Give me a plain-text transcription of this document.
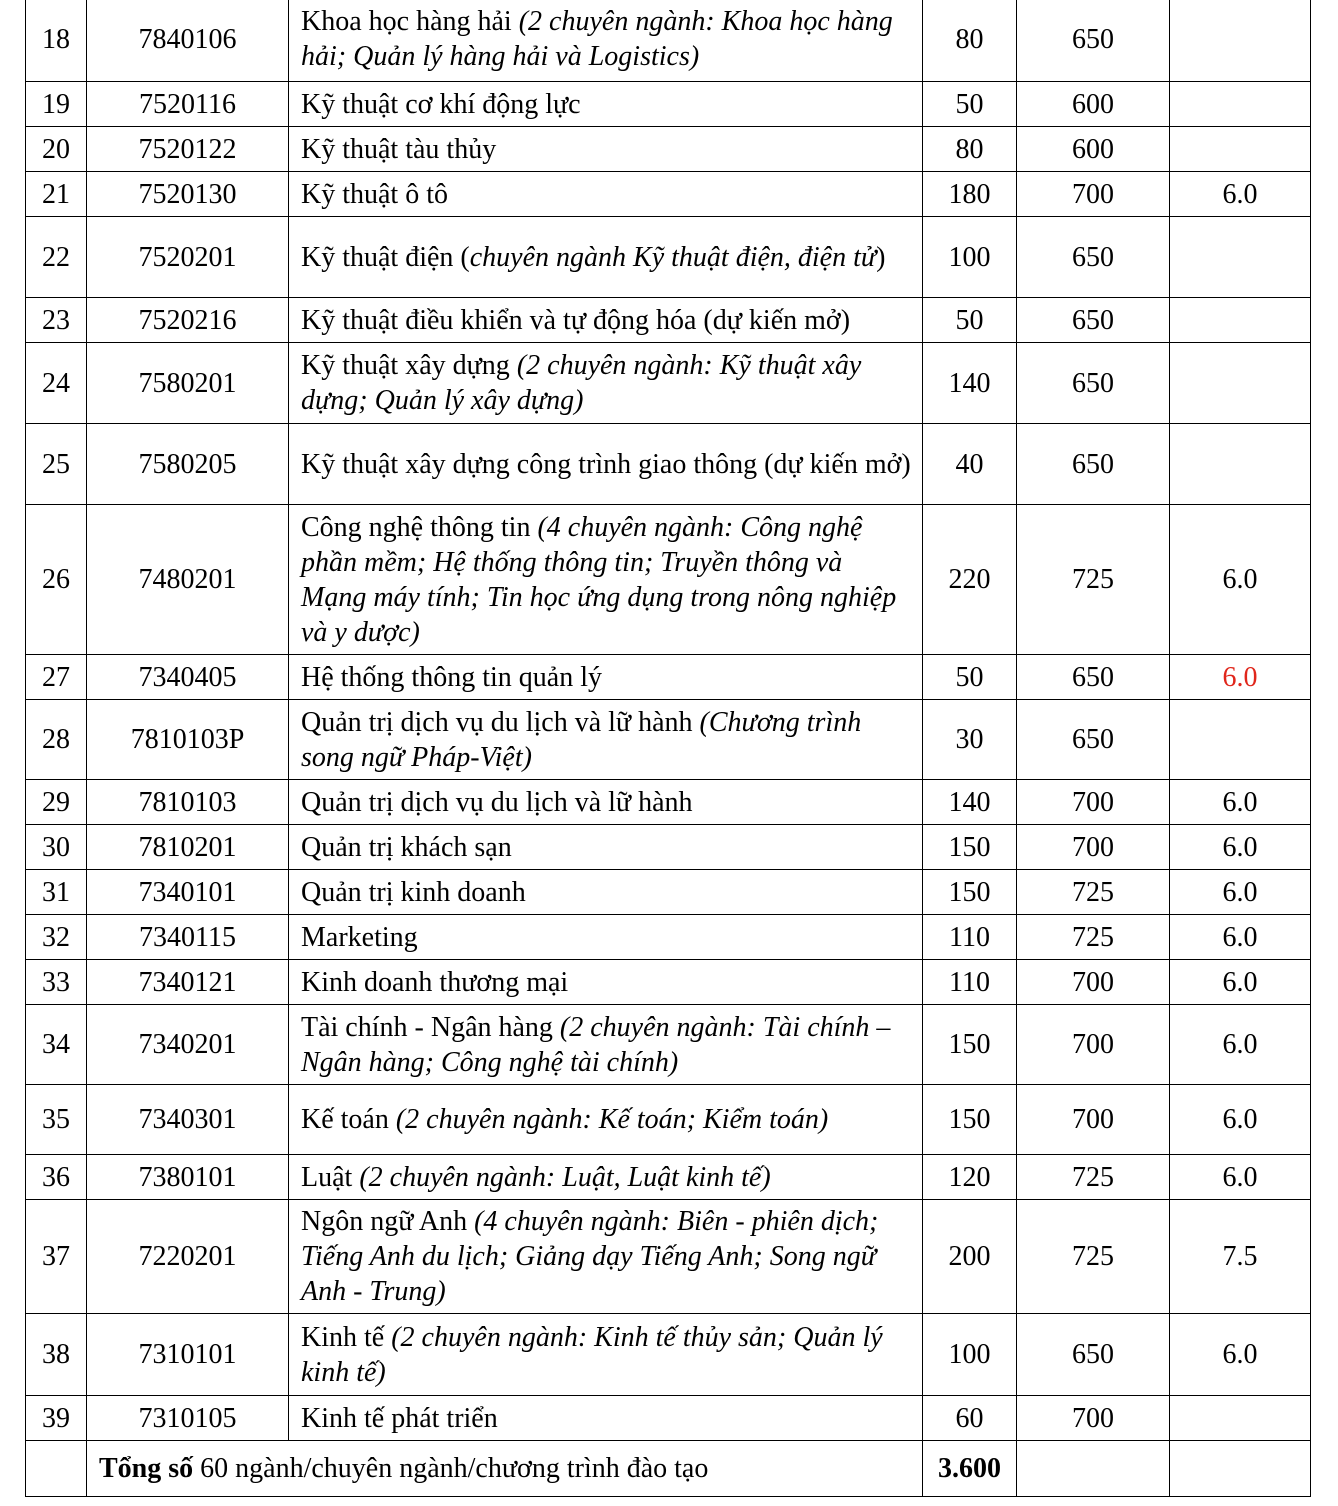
18	7840106	Khoa học hàng hải (2 chuyên ngành: Khoa học hàng hải; Quản lý hàng hải và Logistics)	80	650	
19	7520116	Kỹ thuật cơ khí động lực	50	600	
20	7520122	Kỹ thuật tàu thủy	80	600	
21	7520130	Kỹ thuật ô tô	180	700	6.0
22	7520201	Kỹ thuật điện (chuyên ngành Kỹ thuật điện, điện tử)	100	650	
23	7520216	Kỹ thuật điều khiển và tự động hóa (dự kiến mở)	50	650	
24	7580201	Kỹ thuật xây dựng (2 chuyên ngành: Kỹ thuật xây dựng; Quản lý xây dựng)	140	650	
25	7580205	Kỹ thuật xây dựng công trình giao thông (dự kiến mở)	40	650	
26	7480201	Công nghệ thông tin (4 chuyên ngành: Công nghệ phần mềm; Hệ thống thông tin; Truyền thông và Mạng máy tính; Tin học ứng dụng trong nông nghiệp và y dược)	220	725	6.0
27	7340405	Hệ thống thông tin quản lý	50	650	6.0
28	7810103P	Quản trị dịch vụ du lịch và lữ hành (Chương trình song ngữ Pháp-Việt)	30	650	
29	7810103	Quản trị dịch vụ du lịch và lữ hành	140	700	6.0
30	7810201	Quản trị khách sạn	150	700	6.0
31	7340101	Quản trị kinh doanh	150	725	6.0
32	7340115	Marketing	110	725	6.0
33	7340121	Kinh doanh thương mại	110	700	6.0
34	7340201	Tài chính - Ngân hàng (2 chuyên ngành: Tài chính – Ngân hàng; Công nghệ tài chính)	150	700	6.0
35	7340301	Kế toán (2 chuyên ngành: Kế toán; Kiểm toán)	150	700	6.0
36	7380101	Luật (2 chuyên ngành: Luật, Luật kinh tế)	120	725	6.0
37	7220201	Ngôn ngữ Anh (4 chuyên ngành: Biên - phiên dịch; Tiếng Anh du lịch; Giảng dạy Tiếng Anh; Song ngữ Anh - Trung)	200	725	7.5
38	7310101	Kinh tế (2 chuyên ngành: Kinh tế thủy sản; Quản lý kinh tế)	100	650	6.0
39	7310105	Kinh tế phát triển	60	700	
	Tổng số 60 ngành/chuyên ngành/chương trình đào tạo		3.600		
